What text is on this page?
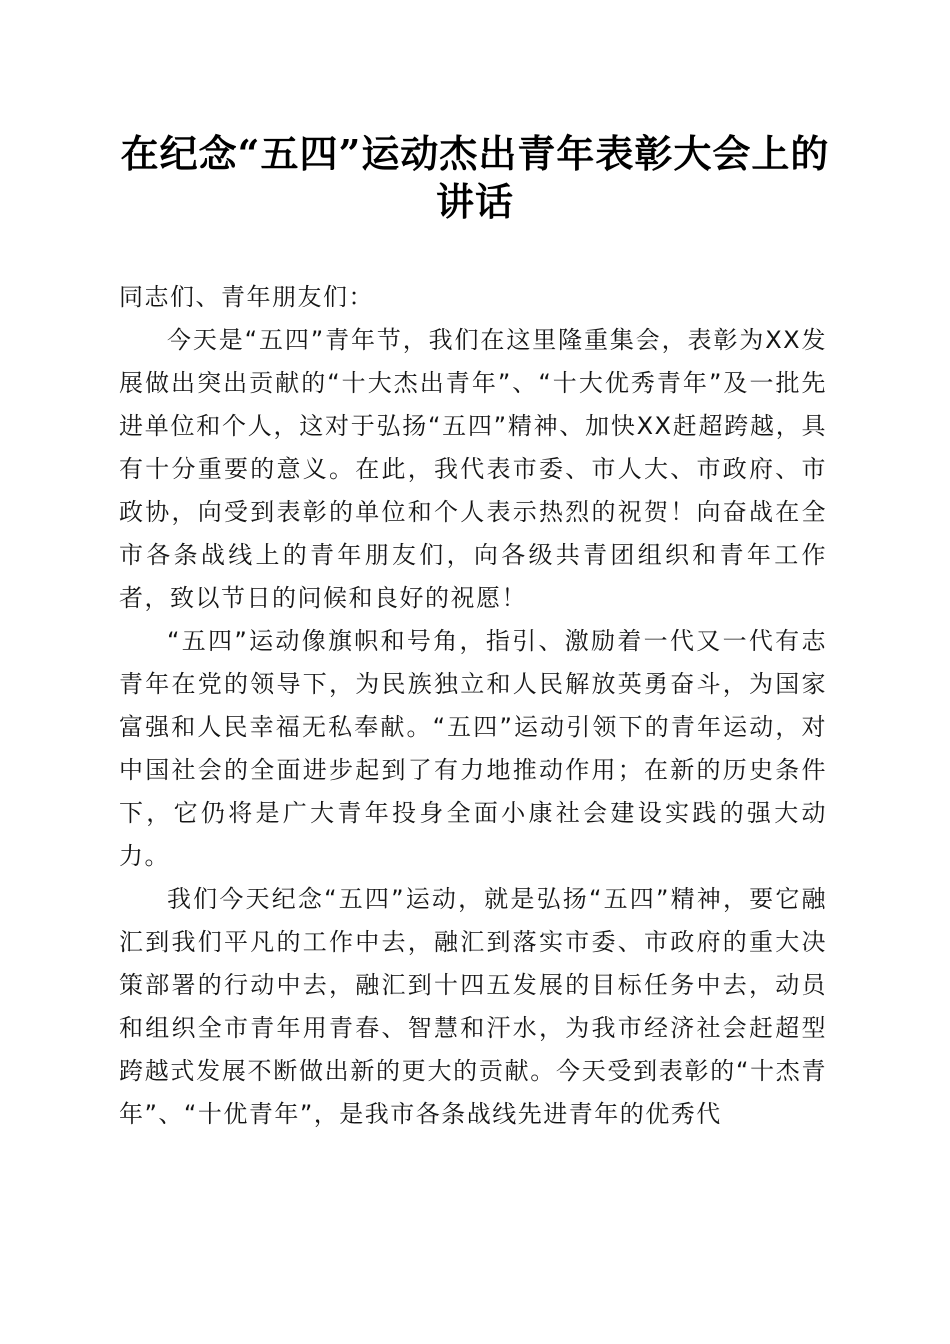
在纪念“五四”运动杰出青年表彰大会上的讲话

同志们、青年朋友们：

今天是“五四”青年节，我们在这里隆重集会，表彰为XX发展做出突出贡献的“十大杰出青年”、“十大优秀青年”及一批先进单位和个人，这对于弘扬“五四”精神、加快XX赶超跨越，具有十分重要的意义。在此，我代表市委、市人大、市政府、市政协，向受到表彰的单位和个人表示热烈的祝贺！向奋战在全市各条战线上的青年朋友们，向各级共青团组织和青年工作者，致以节日的问候和良好的祝愿！

“五四”运动像旗帜和号角，指引、激励着一代又一代有志青年在党的领导下，为民族独立和人民解放英勇奋斗，为国家富强和人民幸福无私奉献。“五四”运动引领下的青年运动，对中国社会的全面进步起到了有力地推动作用；在新的历史条件下，它仍将是广大青年投身全面小康社会建设实践的强大动力。

我们今天纪念“五四”运动，就是弘扬“五四”精神，要它融汇到我们平凡的工作中去，融汇到落实市委、市政府的重大决策部署的行动中去，融汇到十四五发展的目标任务中去，动员和组织全市青年用青春、智慧和汗水，为我市经济社会赶超型跨越式发展不断做出新的更大的贡献。今天受到表彰的“十杰青年”、“十优青年”，是我市各条战线先进青年的优秀代
